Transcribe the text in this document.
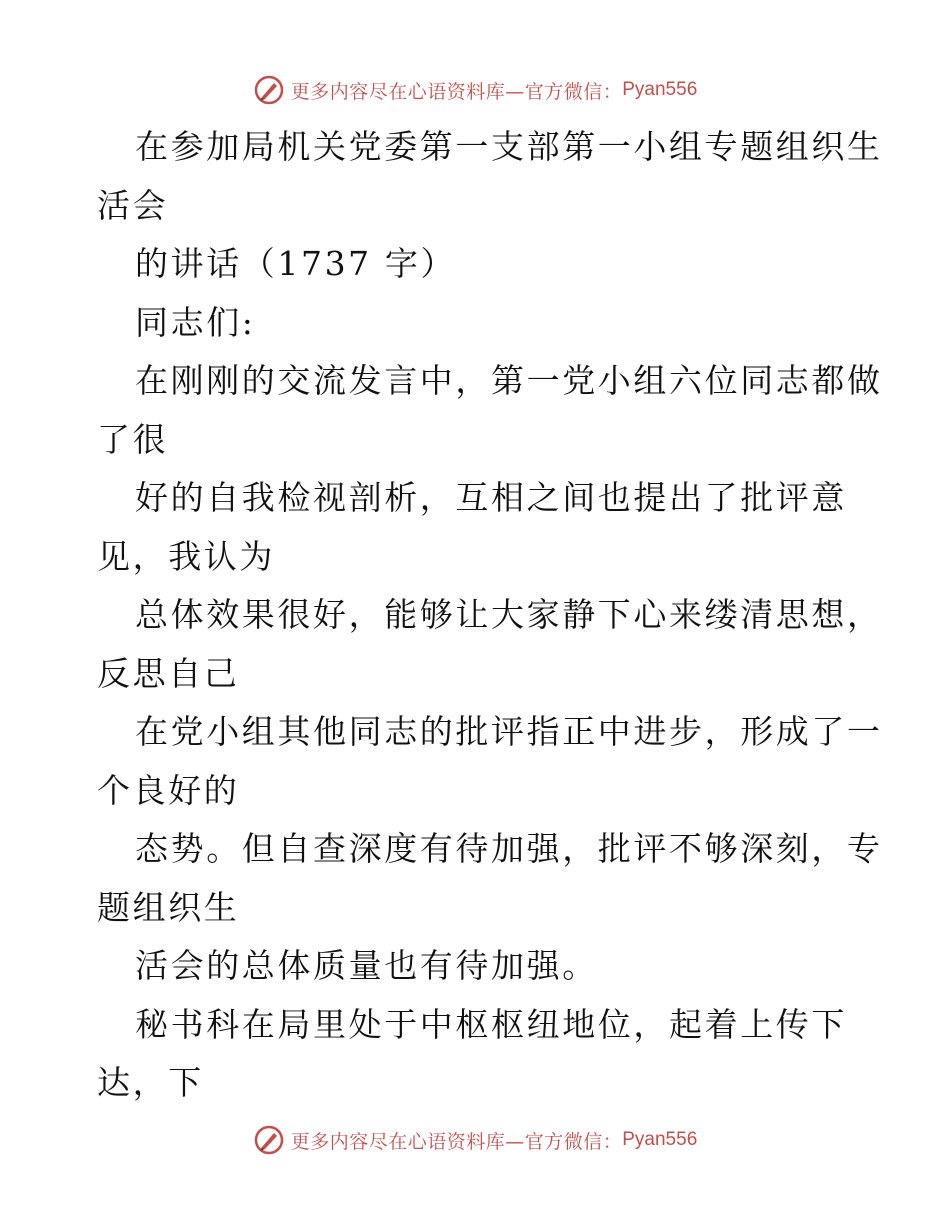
更多内容尽在心语资料库—官方微信： Pyan556
在参加局机关党委第一支部第一小组专题组织生
活会
的讲话（1737 字）
同志们:
在刚刚的交流发言中，第一党小组六位同志都做
了很
好的自我检视剖析，互相之间也提出了批评意
见，我认为
总体效果很好，能够让大家静下心来缕清思想，
反思自己
在党小组其他同志的批评指正中进步，形成了一
个良好的
态势。但自查深度有待加强，批评不够深刻，专
题组织生
活会的总体质量也有待加强。
秘书科在局里处于中枢枢纽地位，起着上传下
达，下
更多内容尽在心语资料库—官方微信： Pyan556
